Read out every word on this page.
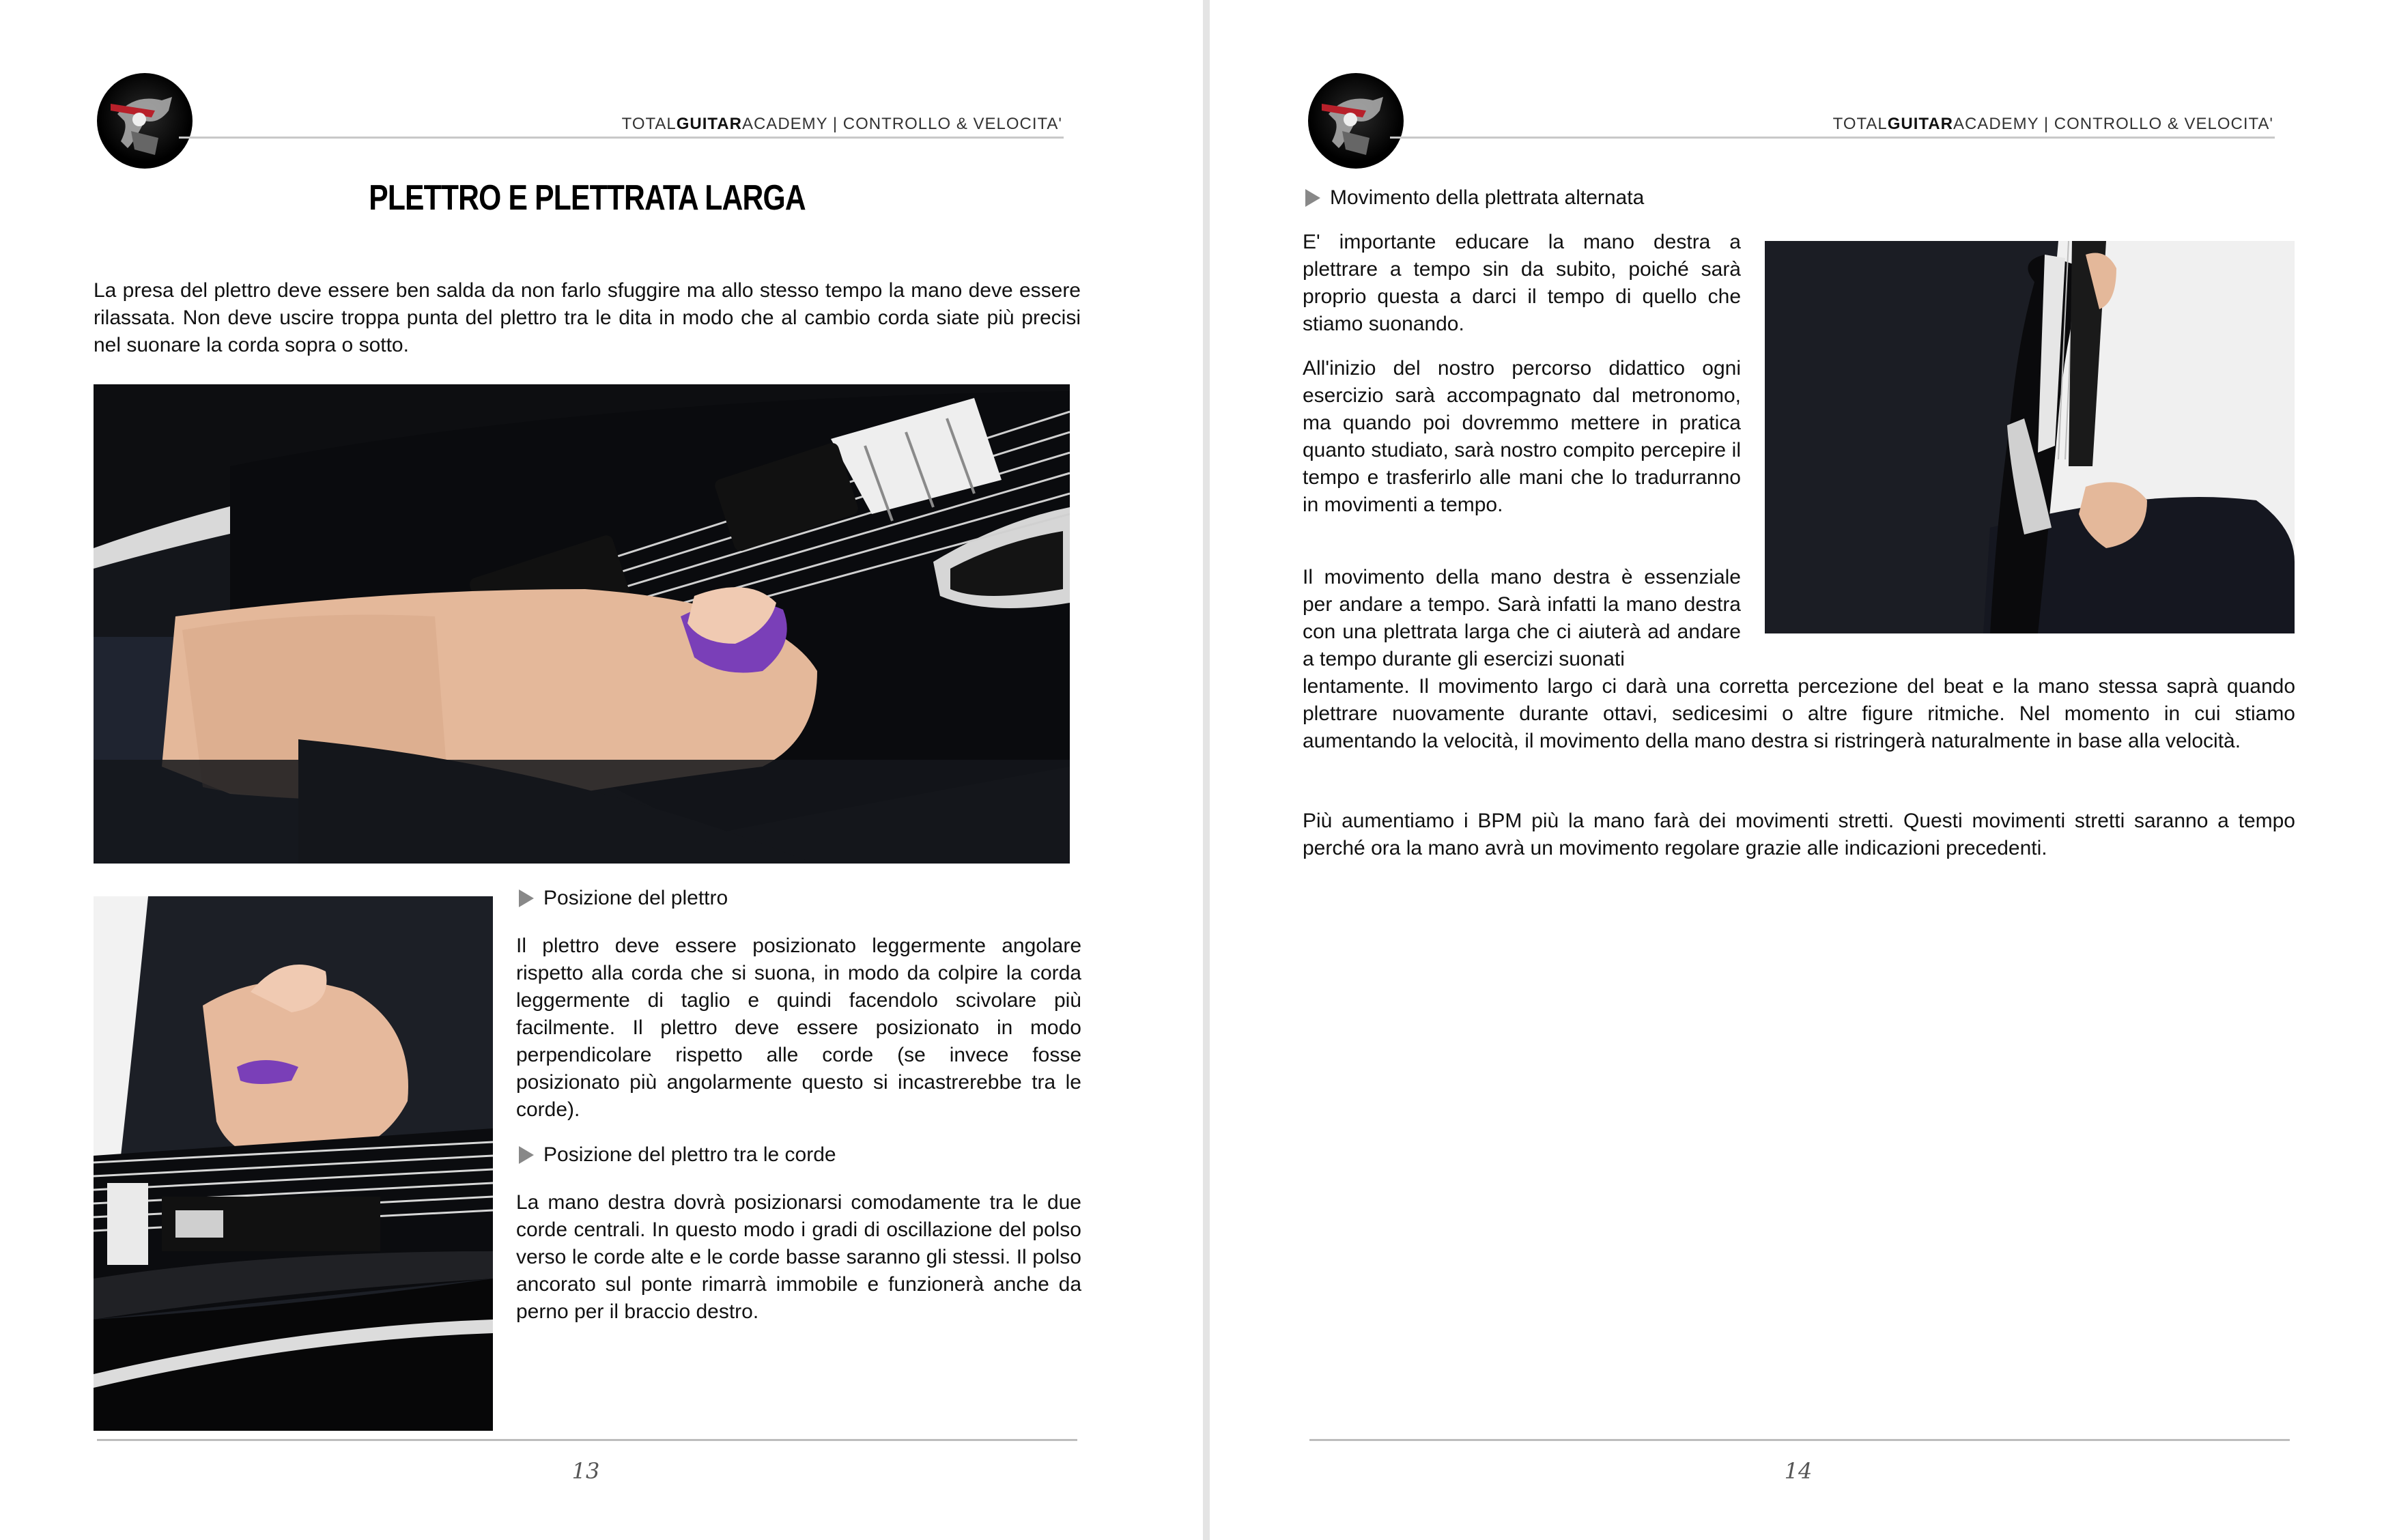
TOTALGUITARACADEMY | CONTROLLO & VELOCITA'
PLETTRO E PLETTRATA LARGA

La presa del plettro deve essere ben salda da non farlo sfuggire ma allo stesso tempo la mano deve essere rilassata. Non deve uscire troppa punta del plettro tra le dita in modo che al cambio corda siate più precisi nel suonare la corda sopra o sotto.

Posizione del plettro

Il plettro deve essere posizionato leggermente angolare rispetto alla corda che si suona, in modo da colpire la corda leggermente di taglio e quindi facendolo scivolare più facilmente. Il plettro deve essere posizionato in modo perpendicolare rispetto alle corde (se invece fosse posizionato più angolarmente questo si incastrerebbe tra le corde).

Posizione del plettro tra le corde

La mano destra dovrà posizionarsi comodamente tra le due corde centrali. In questo modo i gradi di oscillazione del polso verso le corde alte e le corde basse saranno gli stessi. Il polso ancorato sul ponte rimarrà immobile e funzionerà anche da perno per il braccio destro.

13
TOTALGUITARACADEMY | CONTROLLO & VELOCITA'
Movimento della plettrata alternata

E' importante educare la mano destra a plettrare a tempo sin da subito, poiché sarà proprio questa a darci il tempo di quello che stiamo suonando.

All'inizio del nostro percorso didattico ogni esercizio sarà accompagnato dal metronomo, ma quando poi dovremmo mettere in pratica quanto studiato, sarà nostro compito percepire il tempo e trasferirlo alle mani che lo tradurranno in movimenti a tempo.

Il movimento della mano destra è essenziale per andare a tempo. Sarà infatti la mano destra con una plettrata larga che ci aiuterà ad andare a tempo durante gli esercizi suonati

lentamente. Il movimento largo ci darà una corretta percezione del beat e la mano stessa saprà quando plettrare nuovamente durante ottavi, sedicesimi o altre figure ritmiche. Nel momento in cui stiamo aumentando la velocità, il movimento della mano destra si ristringerà naturalmente in base alla velocità.

Più aumentiamo i BPM più la mano farà dei movimenti stretti. Questi movimenti stretti saranno a tempo perché ora la mano avrà un movimento regolare grazie alle indicazioni precedenti.

14
